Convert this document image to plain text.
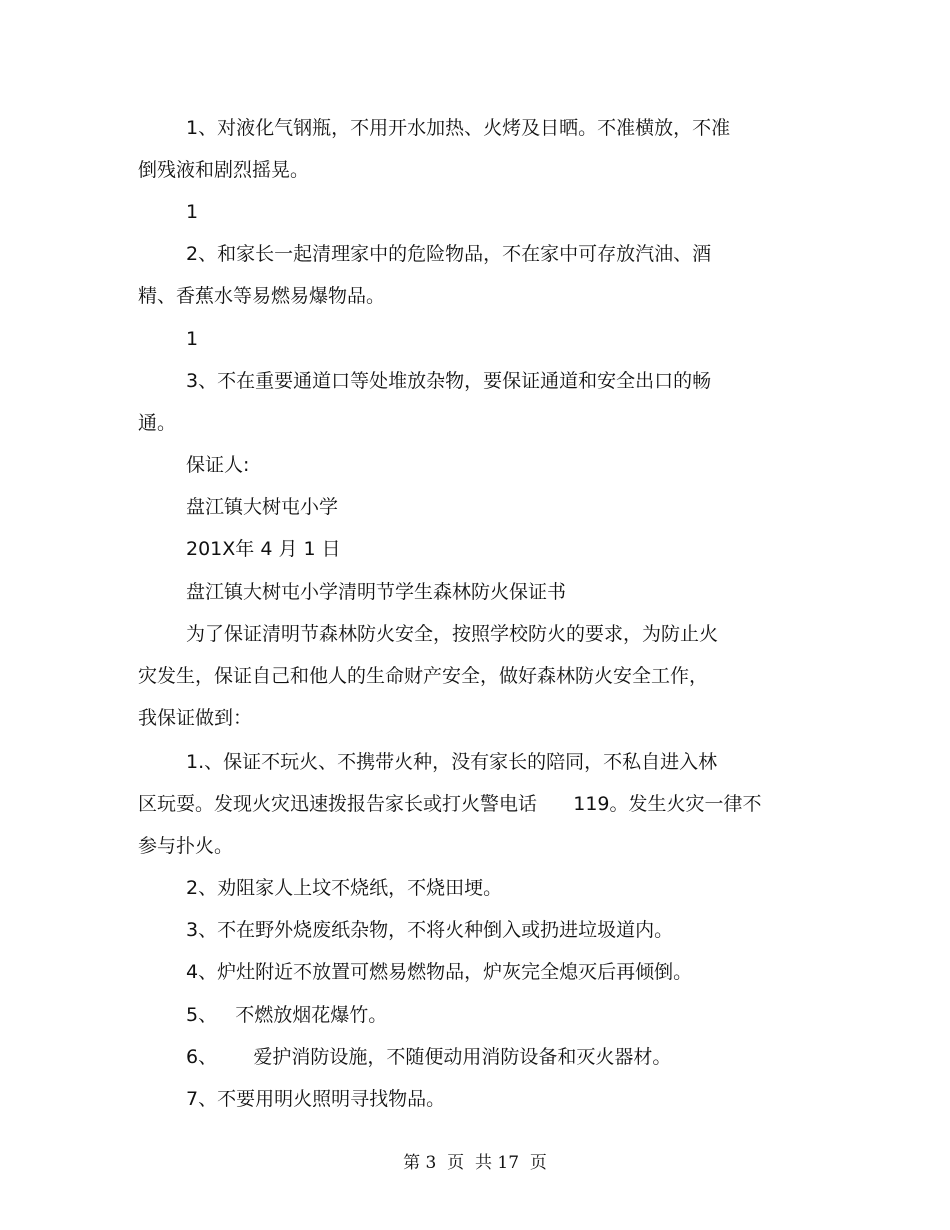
1、对液化气钢瓶，不用开水加热、火烤及日晒。不准横放，不准
倒残液和剧烈摇晃。
1
2、和家长一起清理家中的危险物品，不在家中可存放汽油、酒
精、香蕉水等易燃易爆物品。
1
3、不在重要通道口等处堆放杂物，要保证通道和安全出口的畅
通。
保证人:
盘江镇大树屯小学
201X年 4 月 1 日
盘江镇大树屯小学清明节学生森林防火保证书
为了保证清明节森林防火安全，按照学校防火的要求，为防止火
灾发生，保证自己和他人的生命财产安全，做好森林防火安全工作，
我保证做到：
1.、保证不玩火、不携带火种，没有家长的陪同，不私自进入林
区玩耍。发现火灾迅速拨报告家长或打火警电话      119。发生火灾一律不
参与扑火。
2、劝阻家人上坟不烧纸，不烧田埂。
3、不在野外烧废纸杂物，不将火种倒入或扔进垃圾道内。
4、炉灶附近不放置可燃易燃物品，炉灰完全熄灭后再倾倒。
5、   不燃放烟花爆竹。
6、      爱护消防设施，不随便动用消防设备和灭火器材。
7、不要用明火照明寻找物品。
第 3  页  共 17  页
